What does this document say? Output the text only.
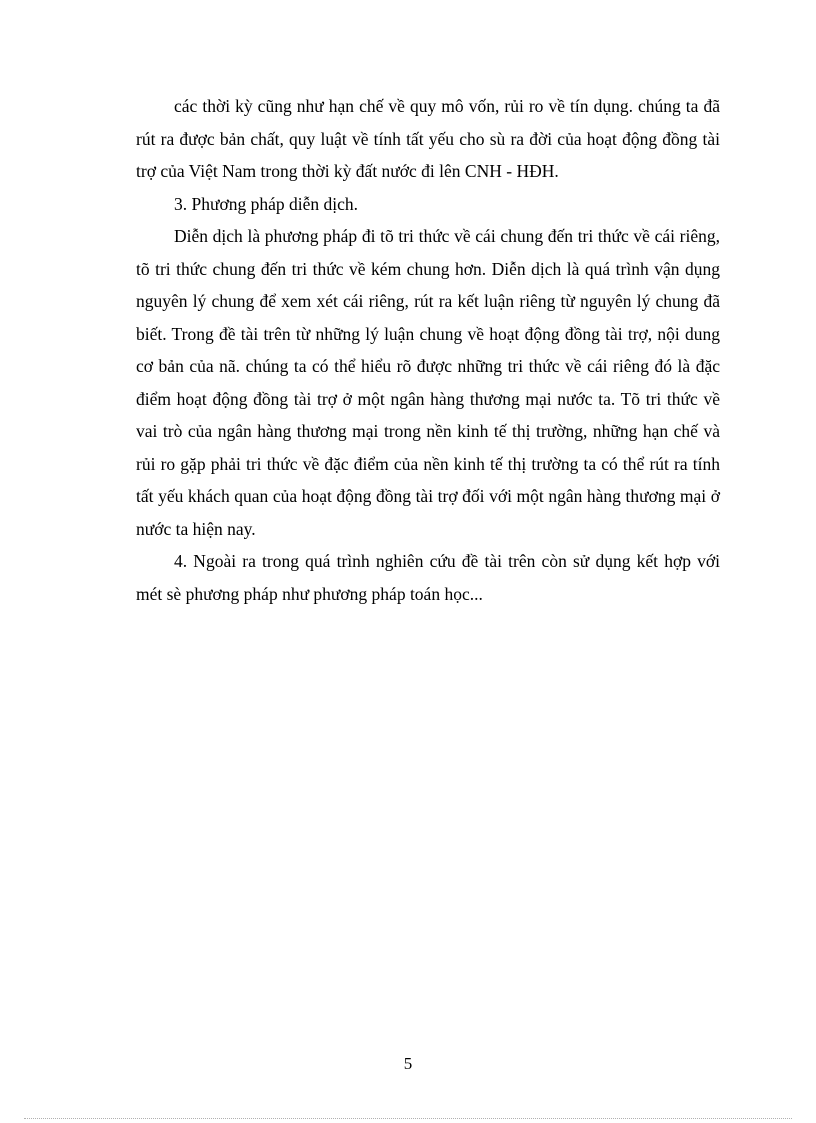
các thời kỳ cũng như hạn chế về quy mô vốn, rủi ro về tín dụng. chúng ta đã rút ra được bản chất, quy luật về tính tất yếu cho sù ra đời của hoạt động đồng tài trợ của Việt Nam trong thời kỳ đất nước đi lên CNH - HĐH.

3. Phương pháp diễn dịch.

Diễn dịch là phương pháp đi tõ tri thức về cái chung đến tri thức về cái riêng, tõ tri thức chung đến tri thức về kém chung hơn. Diễn dịch là quá trình vận dụng nguyên lý chung để xem xét cái riêng, rút ra kết luận riêng từ nguyên lý chung đã biết. Trong đề tài trên từ những lý luận chung về hoạt động đồng tài trợ, nội dung cơ bản của nã. chúng ta có thể hiểu rõ được những tri thức về cái riêng đó là đặc điểm hoạt động đồng tài trợ ở một ngân hàng thương mại nước ta. Tõ tri thức về vai trò của ngân hàng thương mại trong nền kinh tế thị trường, những hạn chế và rủi ro gặp phải tri thức về đặc điểm của nền kinh tế thị trường ta có thể rút ra tính tất yếu khách quan của hoạt động đồng tài trợ đối với một ngân hàng thương mại ở nước ta hiện nay.

4. Ngoài ra trong quá trình nghiên cứu đề tài trên còn sử dụng kết hợp với mét sè phương pháp như phương pháp toán học...

5
